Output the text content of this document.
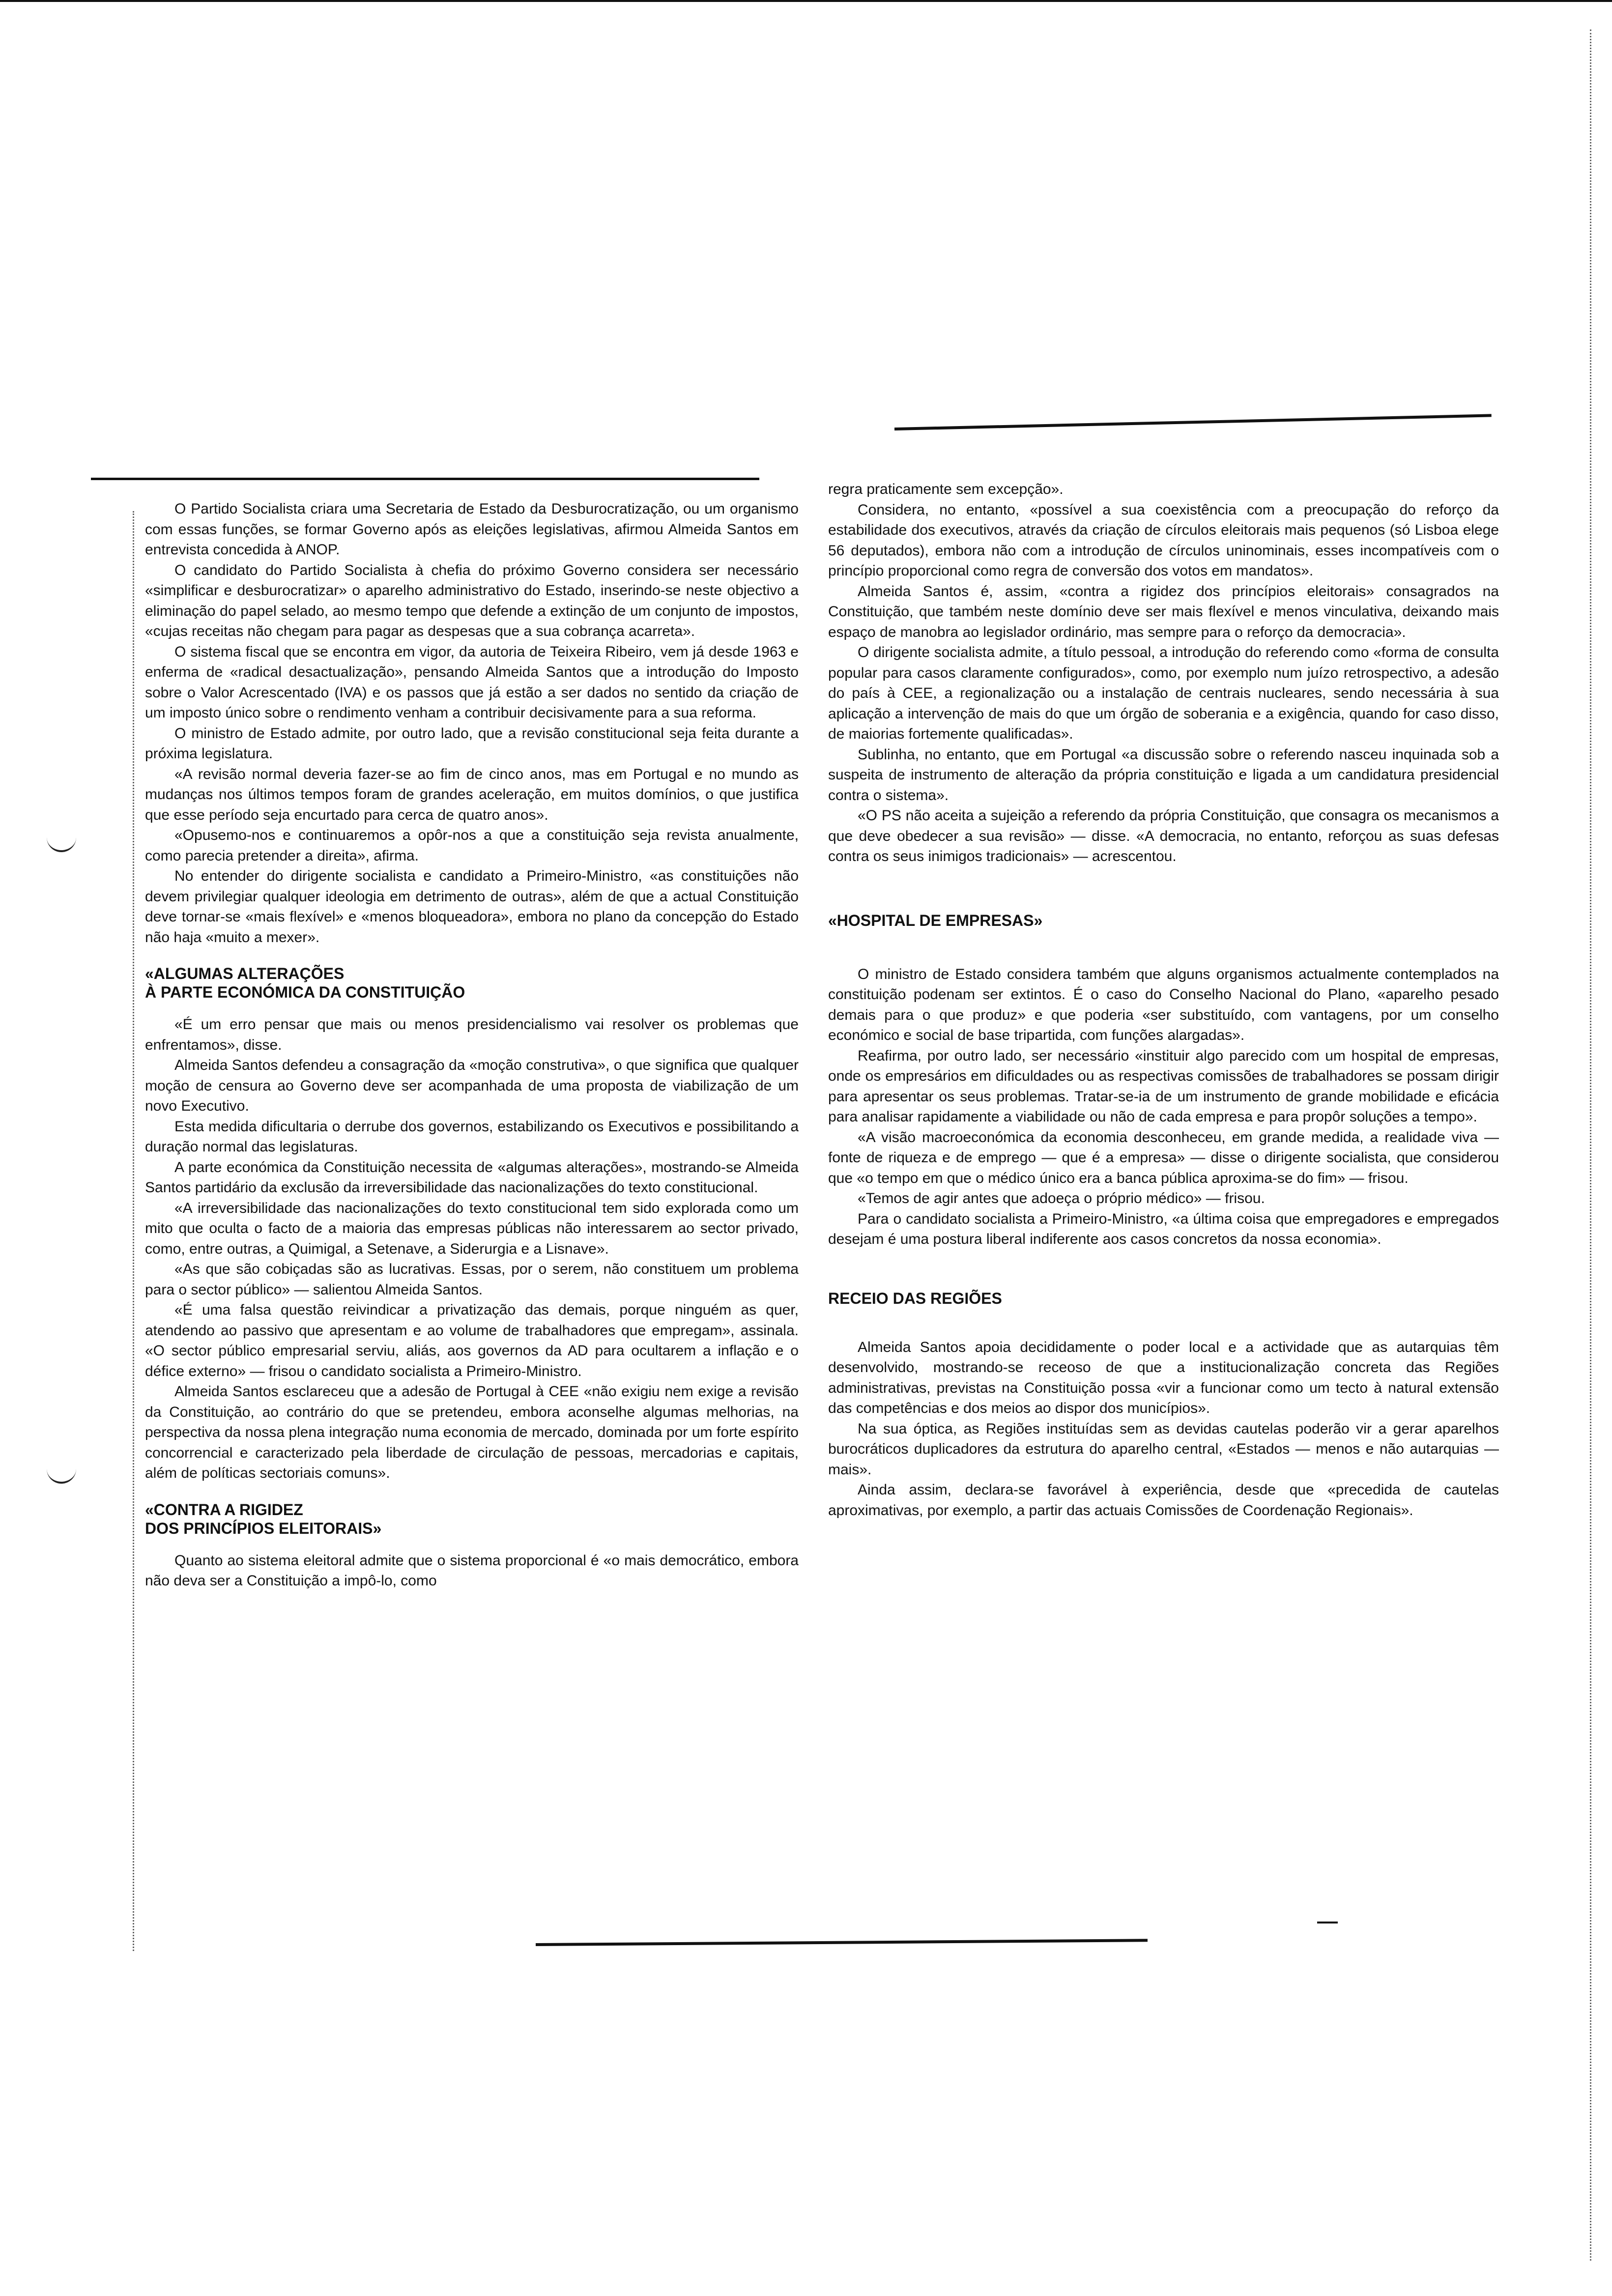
O Partido Socialista criara uma Secretaria de Estado da Desburocratização, ou um organismo com essas funções, se formar Governo após as eleições legislativas, afirmou Almeida Santos em entrevista concedida à ANOP.

O candidato do Partido Socialista à chefia do próximo Governo considera ser necessário «simplificar e desburocratizar» o aparelho administrativo do Estado, inserindo-se neste objectivo a eliminação do papel selado, ao mesmo tempo que defende a extinção de um conjunto de impostos, «cujas receitas não chegam para pagar as despesas que a sua cobrança acarreta».

O sistema fiscal que se encontra em vigor, da autoria de Teixeira Ribeiro, vem já desde 1963 e enferma de «radical desactualização», pensando Almeida Santos que a introdução do Imposto sobre o Valor Acrescentado (IVA) e os passos que já estão a ser dados no sentido da criação de um imposto único sobre o rendimento venham a contribuir decisivamente para a sua reforma.

O ministro de Estado admite, por outro lado, que a revisão constitucional seja feita durante a próxima legislatura.

«A revisão normal deveria fazer-se ao fim de cinco anos, mas em Portugal e no mundo as mudanças nos últimos tempos foram de grandes aceleração, em muitos domínios, o que justifica que esse período seja encurtado para cerca de quatro anos».

«Opusemo-nos e continuaremos a opôr-nos a que a constituição seja revista anualmente, como parecia pretender a direita», afirma.

No entender do dirigente socialista e candidato a Primeiro-Ministro, «as constituições não devem privilegiar qualquer ideologia em detrimento de outras», além de que a actual Constituição deve tornar-se «mais flexível» e «menos bloqueadora», embora no plano da concepção do Estado não haja «muito a mexer».

«ALGUMAS ALTERAÇÕES
À PARTE ECONÓMICA DA CONSTITUIÇÃO

«É um erro pensar que mais ou menos presidencialismo vai resolver os problemas que enfrentamos», disse.

Almeida Santos defendeu a consagração da «moção construtiva», o que significa que qualquer moção de censura ao Governo deve ser acompanhada de uma proposta de viabilização de um novo Executivo.

Esta medida dificultaria o derrube dos governos, estabilizando os Executivos e possibilitando a duração normal das legislaturas.

A parte económica da Constituição necessita de «algumas alterações», mostrando-se Almeida Santos partidário da exclusão da irreversibilidade das nacionalizações do texto constitucional.

«A irreversibilidade das nacionalizações do texto constitucional tem sido explorada como um mito que oculta o facto de a maioria das empresas públicas não interessarem ao sector privado, como, entre outras, a Quimigal, a Setenave, a Siderurgia e a Lisnave».

«As que são cobiçadas são as lucrativas. Essas, por o serem, não constituem um problema para o sector público» — salientou Almeida Santos.

«É uma falsa questão reivindicar a privatização das demais, porque ninguém as quer, atendendo ao passivo que apresentam e ao volume de trabalhadores que empregam», assinala. «O sector público empresarial serviu, aliás, aos governos da AD para ocultarem a inflação e o défice externo» — frisou o candidato socialista a Primeiro-Ministro.

Almeida Santos esclareceu que a adesão de Portugal à CEE «não exigiu nem exige a revisão da Constituição, ao contrário do que se pretendeu, embora aconselhe algumas melhorias, na perspectiva da nossa plena integração numa economia de mercado, dominada por um forte espírito concorrencial e caracterizado pela liberdade de circulação de pessoas, mercadorias e capitais, além de políticas sectoriais comuns».

«CONTRA A RIGIDEZ
DOS PRINCÍPIOS ELEITORAIS»

Quanto ao sistema eleitoral admite que o sistema proporcional é «o mais democrático, embora não deva ser a Constituição a impô-lo, como

regra praticamente sem excepção».

Considera, no entanto, «possível a sua coexistência com a preocupação do reforço da estabilidade dos executivos, através da criação de círculos eleitorais mais pequenos (só Lisboa elege 56 deputados), embora não com a introdução de círculos uninominais, esses incompatíveis com o princípio proporcional como regra de conversão dos votos em mandatos».

Almeida Santos é, assim, «contra a rigidez dos princípios eleitorais» consagrados na Constituição, que também neste domínio deve ser mais flexível e menos vinculativa, deixando mais espaço de manobra ao legislador ordinário, mas sempre para o reforço da democracia».

O dirigente socialista admite, a título pessoal, a introdução do referendo como «forma de consulta popular para casos claramente configurados», como, por exemplo num juízo retrospectivo, a adesão do país à CEE, a regionalização ou a instalação de centrais nucleares, sendo necessária à sua aplicação a intervenção de mais do que um órgão de soberania e a exigência, quando for caso disso, de maiorias fortemente qualificadas».

Sublinha, no entanto, que em Portugal «a discussão sobre o referendo nasceu inquinada sob a suspeita de instrumento de alteração da própria constituição e ligada a um candidatura presidencial contra o sistema».

«O PS não aceita a sujeição a referendo da própria Constituição, que consagra os mecanismos a que deve obedecer a sua revisão» — disse. «A democracia, no entanto, reforçou as suas defesas contra os seus inimigos tradicionais» — acrescentou.

«HOSPITAL DE EMPRESAS»

O ministro de Estado considera também que alguns organismos actualmente contemplados na constituição podenam ser extintos. É o caso do Conselho Nacional do Plano, «aparelho pesado demais para o que produz» e que poderia «ser substituído, com vantagens, por um conselho económico e social de base tripartida, com funções alargadas».

Reafirma, por outro lado, ser necessário «instituir algo parecido com um hospital de empresas, onde os empresários em dificuldades ou as respectivas comissões de trabalhadores se possam dirigir para apresentar os seus problemas. Tratar-se-ia de um instrumento de grande mobilidade e eficácia para analisar rapidamente a viabilidade ou não de cada empresa e para propôr soluções a tempo».

«A visão macroeconómica da economia desconheceu, em grande medida, a realidade viva — fonte de riqueza e de emprego — que é a empresa» — disse o dirigente socialista, que considerou que «o tempo em que o médico único era a banca pública aproxima-se do fim» — frisou.

«Temos de agir antes que adoeça o próprio médico» — frisou.

Para o candidato socialista a Primeiro-Ministro, «a última coisa que empregadores e empregados desejam é uma postura liberal indiferente aos casos concretos da nossa economia».

RECEIO DAS REGIÕES

Almeida Santos apoia decididamente o poder local e a actividade que as autarquias têm desenvolvido, mostrando-se receoso de que a institucionalização concreta das Regiões administrativas, previstas na Constituição possa «vir a funcionar como um tecto à natural extensão das competências e dos meios ao dispor dos municípios».

Na sua óptica, as Regiões instituídas sem as devidas cautelas poderão vir a gerar aparelhos burocráticos duplicadores da estrutura do aparelho central, «Estados — menos e não autarquias — mais».

Ainda assim, declara-se favorável à experiência, desde que «precedida de cautelas aproximativas, por exemplo, a partir das actuais Comissões de Coordenação Regionais».
